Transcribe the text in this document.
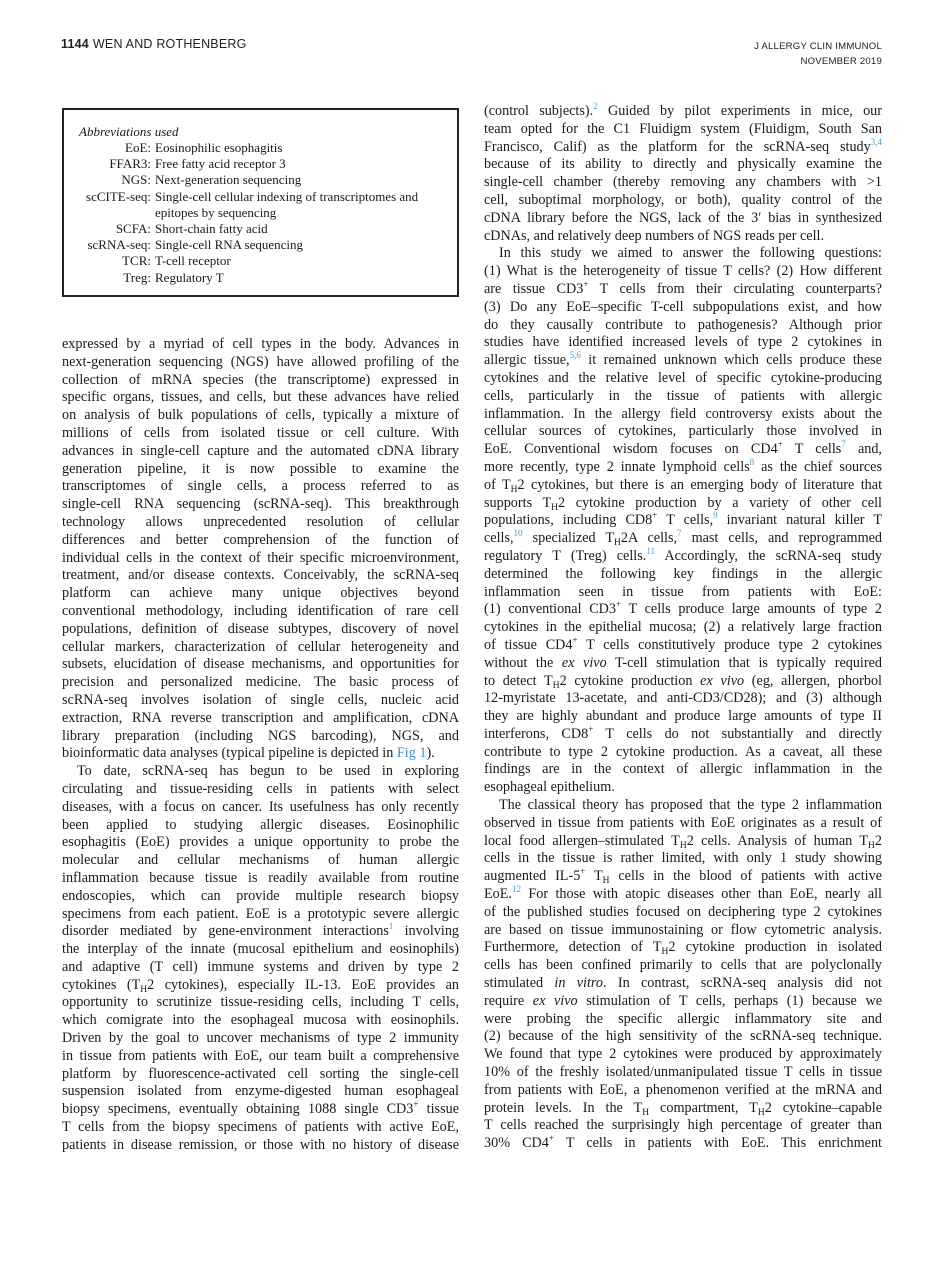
1144 WEN AND ROTHENBERG	J ALLERGY CLIN IMMUNOL
NOVEMBER 2019
Abbreviations used
EoE: Eosinophilic esophagitis
FFAR3: Free fatty acid receptor 3
NGS: Next-generation sequencing
scCITE-seq: Single-cell cellular indexing of transcriptomes and epitopes by sequencing
SCFA: Short-chain fatty acid
scRNA-seq: Single-cell RNA sequencing
TCR: T-cell receptor
Treg: Regulatory T
expressed by a myriad of cell types in the body. Advances in
next-generation sequencing (NGS) have allowed profiling of the
collection of mRNA species (the transcriptome) expressed in
specific organs, tissues, and cells, but these advances have relied
on analysis of bulk populations of cells, typically a mixture of
millions of cells from isolated tissue or cell culture. With
advances in single-cell capture and the automated cDNA library
generation pipeline, it is now possible to examine the
transcriptomes of single cells, a process referred to as
single-cell RNA sequencing (scRNA-seq). This breakthrough
technology allows unprecedented resolution of cellular
differences and better comprehension of the function of
individual cells in the context of their specific microenvironment,
treatment, and/or disease contexts. Conceivably, the scRNA-seq
platform can achieve many unique objectives beyond
conventional methodology, including identification of rare cell
populations, definition of disease subtypes, discovery of novel
cellular markers, characterization of cellular heterogeneity and
subsets, elucidation of disease mechanisms, and opportunities for
precision and personalized medicine. The basic process of
scRNA-seq involves isolation of single cells, nucleic acid
extraction, RNA reverse transcription and amplification, cDNA
library preparation (including NGS barcoding), NGS, and
bioinformatic data analyses (typical pipeline is depicted in Fig 1).
To date, scRNA-seq has begun to be used in exploring
circulating and tissue-residing cells in patients with select
diseases, with a focus on cancer. Its usefulness has only recently
been applied to studying allergic diseases. Eosinophilic
esophagitis (EoE) provides a unique opportunity to probe the
molecular and cellular mechanisms of human allergic
inflammation because tissue is readily available from routine
endoscopies, which can provide multiple research biopsy
specimens from each patient. EoE is a prototypic severe allergic
disorder mediated by gene-environment interactions$^1$ involving
the interplay of the innate (mucosal epithelium and eosinophils)
and adaptive (T cell) immune systems and driven by type 2
cytokines ($T_H2$ cytokines), especially IL-13. EoE provides an
opportunity to scrutinize tissue-residing cells, including T cells,
which comigrate into the esophageal mucosa with eosinophils.
Driven by the goal to uncover mechanisms of type 2 immunity
in tissue from patients with EoE, our team built a comprehensive
platform by fluorescence-activated cell sorting the single-cell
suspension isolated from enzyme-digested human esophageal
biopsy specimens, eventually obtaining 1088 single CD3+ tissue
T cells from the biopsy specimens of patients with active EoE,
patients in disease remission, or those with no history of disease
(control subjects).$^2$ Guided by pilot experiments in mice, our
team opted for the C1 Fluidigm system (Fluidigm, South San
Francisco, Calif) as the platform for the scRNA-seq study$^{3,4}$
because of its ability to directly and physically examine the
single-cell chamber (thereby removing any chambers with >1
cell, suboptimal morphology, or both), quality control of the
cDNA library before the NGS, lack of the 3′ bias in synthesized
cDNAs, and relatively deep numbers of NGS reads per cell.
In this study we aimed to answer the following questions:
(1) What is the heterogeneity of tissue T cells? (2) How different
are tissue CD3+ T cells from their circulating counterparts?
(3) Do any EoE–specific T-cell subpopulations exist, and how
do they causally contribute to pathogenesis? Although prior
studies have identified increased levels of type 2 cytokines in
allergic tissue,$^{5,6}$ it remained unknown which cells produce these
cytokines and the relative level of specific cytokine-producing
cells, particularly in the tissue of patients with allergic
inflammation. In the allergy field controversy exists about the
cellular sources of cytokines, particularly those involved in
EoE. Conventional wisdom focuses on CD4+ T cells$^7$ and,
more recently, type 2 innate lymphoid cells$^8$ as the chief sources
of $T_H2$ cytokines, but there is an emerging body of literature that
supports $T_H2$ cytokine production by a variety of other cell
populations, including CD8+ T cells,$^9$ invariant natural killer T
cells,$^{10}$ specialized $T_H2A$ cells,$^7$ mast cells, and reprogrammed
regulatory T (Treg) cells.$^{11}$ Accordingly, the scRNA-seq study
determined the following key findings in the allergic
inflammation seen in tissue from patients with EoE:
(1) conventional CD3+ T cells produce large amounts of type 2
cytokines in the epithelial mucosa; (2) a relatively large fraction
of tissue CD4+ T cells constitutively produce type 2 cytokines
without the ex vivo T-cell stimulation that is typically required
to detect $T_H2$ cytokine production ex vivo (eg, allergen, phorbol
12-myristate 13-acetate, and anti-CD3/CD28); and (3) although
they are highly abundant and produce large amounts of type II
interferons, CD8+ T cells do not substantially and directly
contribute to type 2 cytokine production. As a caveat, all these
findings are in the context of allergic inflammation in the
esophageal epithelium.
The classical theory has proposed that the type 2 inflammation
observed in tissue from patients with EoE originates as a result of
local food allergen–stimulated $T_H2$ cells. Analysis of human $T_H2$
cells in the tissue is rather limited, with only 1 study showing
augmented IL-5+ $T_H$ cells in the blood of patients with active
EoE.$^{12}$ For those with atopic diseases other than EoE, nearly all
of the published studies focused on deciphering type 2 cytokines
are based on tissue immunostaining or flow cytometric analysis.
Furthermore, detection of $T_H2$ cytokine production in isolated
cells has been confined primarily to cells that are polyclonally
stimulated in vitro. In contrast, scRNA-seq analysis did not
require ex vivo stimulation of T cells, perhaps (1) because we
were probing the specific allergic inflammatory site and
(2) because of the high sensitivity of the scRNA-seq technique.
We found that type 2 cytokines were produced by approximately
10% of the freshly isolated/unmanipulated tissue T cells in tissue
from patients with EoE, a phenomenon verified at the mRNA and
protein levels. In the $T_H$ compartment, $T_H2$ cytokine–capable
T cells reached the surprisingly high percentage of greater than
30% CD4+ T cells in patients with EoE. This enrichment
